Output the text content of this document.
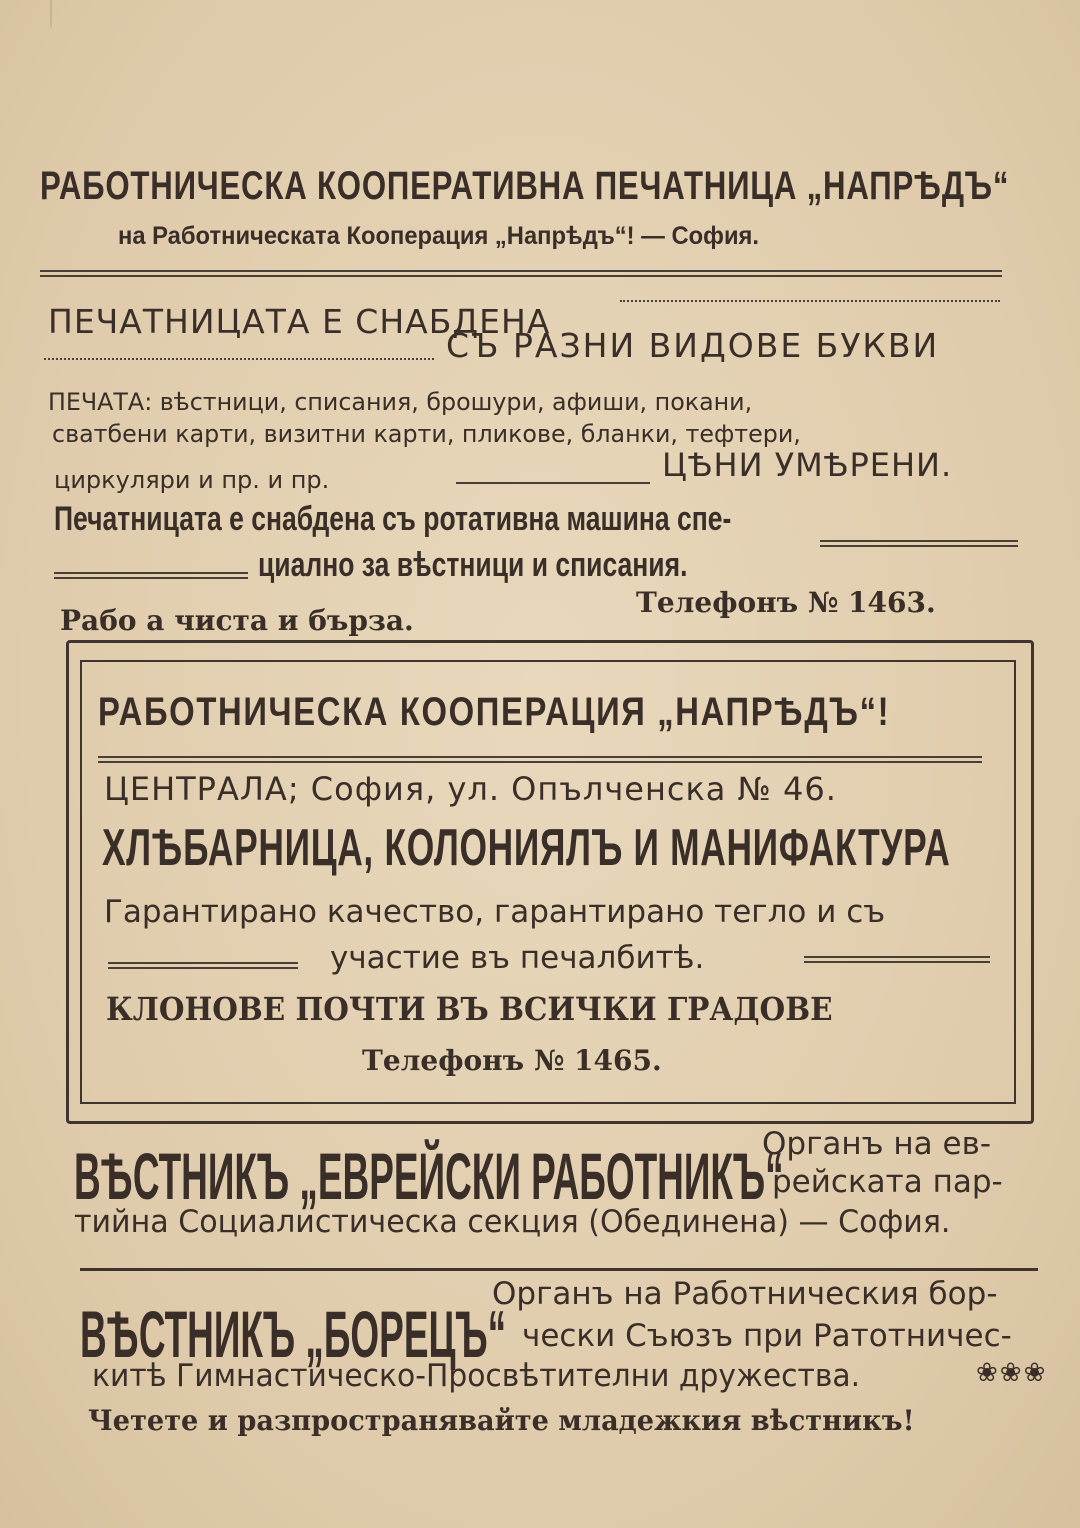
РАБОТНИЧЕСКА КООПЕРАТИВНА ПЕЧАТНИЦА „НАПРѢДЪ“
на Работническата Кооперация „Напрѣдъ“! — София.
ПЕЧАТНИЦАТА Е СНАБДЕНА
СЪ РАЗНИ ВИДОВЕ БУКВИ
ПЕЧАТА: вѣстници, списания, брошури, афиши, покани,
сватбени карти, визитни карти, пликове, бланки, тефтери,
циркуляри и пр. и пр.	ЦѢНИ УМѢРЕНИ.
Печатницата е снабдена съ ротативна машина спе-
циално за вѣстници и списания.
Рабо а чиста и бърза.
Телефонъ № 1463.
РАБОТНИЧЕСКА КООПЕРАЦИЯ „НАПРѢДЪ“!
ЦЕНТРАЛА; София, ул. Опълченска № 46.
ХЛѢБАРНИЦА, КОЛОНИЯЛЪ И МАНИФАКТУРА
Гарантирано качество, гарантирано тегло и съ
участие въ печалбитѣ.
КЛОНОВЕ ПОЧТИ ВЪ ВСИЧКИ ГРАДОВЕ
Телефонъ № 1465.
ВѢСТНИКЪ „ЕВРЕЙСКИ РАБОТНИКЪ“
Органъ на ев-
рейската пар-
тийна Социалистическа секция (Обединена) — София.
ВѢСТНИКЪ „БОРЕЦЪ“
Органъ на Работническия бор-
чески Съюзъ при Ратотничес-
китѣ Гимнастическо-Просвѣтителни дружества.	❀❀❀
Четете и разпространявайте младежкия вѣстникъ!
